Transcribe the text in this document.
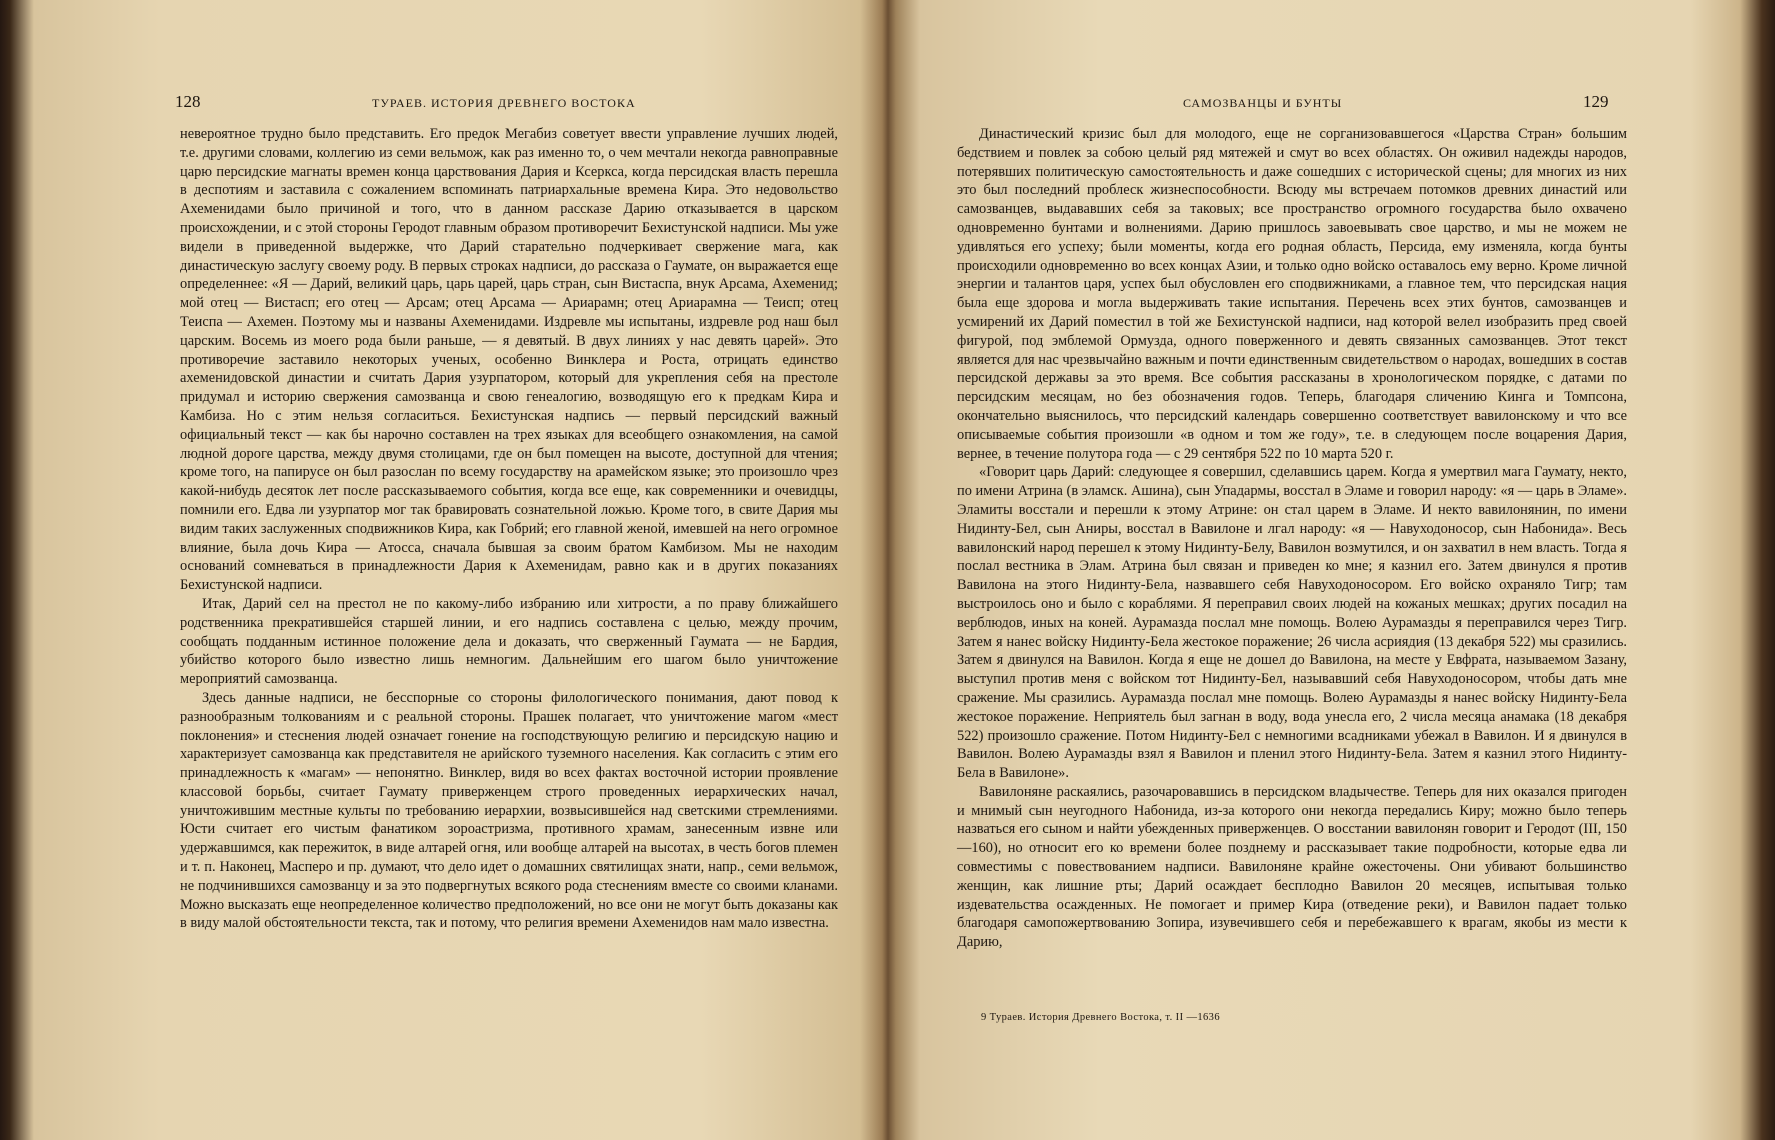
128	ТУРАЕВ. ИСТОРИЯ ДРЕВНЕГО ВОСТОКА

невероятное трудно было представить. Его предок Мегабиз советует ввести управление лучших людей, т.е. другими словами, коллегию из семи вельмож, как раз именно то, о чем мечтали некогда равноправные царю персидские магнаты времен конца царствования Дария и Ксеркса, когда персидская власть перешла в деспотиям и заставила с сожалением вспоминать патриархальные времена Кира. Это недовольство Ахеменидами было причиной и того, что в данном рассказе Дарию отказывается в царском происхождении, и с этой стороны Геродот главным образом противоречит Бехистунской надписи. Мы уже видели в приведенной выдержке, что Дарий старательно подчеркивает свержение мага, как династическую заслугу своему роду. В первых строках надписи, до рассказа о Гаумате, он выражается еще определеннее: «Я — Дарий, великий царь, царь царей, царь стран, сын Вистаспа, внук Арсама, Ахеменид; мой отец — Вистасп; его отец — Арсам; отец Арсама — Ариарамн; отец Ариарамна — Теисп; отец Теиспа — Ахемен. Поэтому мы и названы Ахеменидами. Издревле мы испытаны, издревле род наш был царским. Восемь из моего рода были раньше, — я девятый. В двух линиях у нас девять царей». Это противоречие заставило некоторых ученых, особенно Винклера и Роста, отрицать единство ахеменидовской династии и считать Дария узурпатором, который для укрепления себя на престоле придумал и историю свержения самозванца и свою генеалогию, возводящую его к предкам Кира и Камбиза. Но с этим нельзя согласиться. Бехистунская надпись — первый персидский важный официальный текст — как бы нарочно составлен на трех языках для всеобщего ознакомления, на самой людной дороге царства, между двумя столицами, где он был помещен на высоте, доступной для чтения; кроме того, на папирусе он был разослан по всему государству на арамейском языке; это произошло чрез какой-нибудь десяток лет после рассказываемого события, когда все еще, как современники и очевидцы, помнили его. Едва ли узурпатор мог так бравировать сознательной ложью. Кроме того, в свите Дария мы видим таких заслуженных сподвижников Кира, как Гобрий; его главной женой, имевшей на него огромное влияние, была дочь Кира — Атосса, сначала бывшая за своим братом Камбизом. Мы не находим оснований сомневаться в принадлежности Дария к Ахеменидам, равно как и в других показаниях Бехистунской надписи.

Итак, Дарий сел на престол не по какому-либо избранию или хитрости, а по праву ближайшего родственника прекратившейся старшей линии, и его надпись составлена с целью, между прочим, сообщать подданным истинное положение дела и доказать, что сверженный Гаумата — не Бардия, убийство которого было известно лишь немногим. Дальнейшим его шагом было уничтожение мероприятий самозванца.

Здесь данные надписи, не бесспорные со стороны филологического понимания, дают повод к разнообразным толкованиям и с реальной стороны. Прашек полагает, что уничтожение магом «мест поклонения» и стеснения людей означает гонение на господствующую религию и персидскую нацию и характеризует самозванца как представителя не арийского туземного населения. Как согласить с этим его принадлежность к «магам» — непонятно. Винклер, видя во всех фактах восточной истории проявление классовой борьбы, считает Гаумату приверженцем строго проведенных иерархических начал, уничтожившим местные культы по требованию иерархии, возвысившейся над светскими стремлениями. Юсти считает его чистым фанатиком зороастризма, противного храмам, занесенным извне или удержавшимся, как пережиток, в виде алтарей огня, или вообще алтарей на высотах, в честь богов племен и т. п. Наконец, Масперо и пр. думают, что дело идет о домашних святилищах знати, напр., семи вельмож, не подчинившихся самозванцу и за это подвергнутых всякого рода стеснениям вместе со своими кланами. Можно высказать еще неопределенное количество предположений, но все они не могут быть доказаны как в виду малой обстоятельности текста, так и потому, что религия времени Ахеменидов нам мало известна.

САМОЗВАНЦЫ И БУНТЫ	129

Династический кризис был для молодого, еще не сорганизовавшегося «Царства Стран» большим бедствием и повлек за собою целый ряд мятежей и смут во всех областях. Он оживил надежды народов, потерявших политическую самостоятельность и даже сошедших с исторической сцены; для многих из них это был последний проблеск жизнеспособности. Всюду мы встречаем потомков древних династий или самозванцев, выдававших себя за таковых; все пространство огромного государства было охвачено одновременно бунтами и волнениями. Дарию пришлось завоевывать свое царство, и мы не можем не удивляться его успеху; были моменты, когда его родная область, Персида, ему изменяла, когда бунты происходили одновременно во всех концах Азии, и только одно войско оставалось ему верно. Кроме личной энергии и талантов царя, успех был обусловлен его сподвижниками, а главное тем, что персидская нация была еще здорова и могла выдерживать такие испытания. Перечень всех этих бунтов, самозванцев и усмирений их Дарий поместил в той же Бехистунской надписи, над которой велел изобразить пред своей фигурой, под эмблемой Ормузда, одного поверженного и девять связанных самозванцев. Этот текст является для нас чрезвычайно важным и почти единственным свидетельством о народах, вошедших в состав персидской державы за это время. Все события рассказаны в хронологическом порядке, с датами по персидским месяцам, но без обозначения годов. Теперь, благодаря сличению Кинга и Томпсона, окончательно выяснилось, что персидский календарь совершенно соответствует вавилонскому и что все описываемые события произошли «в одном и том же году», т.е. в следующем после воцарения Дария, вернее, в течение полутора года — с 29 сентября 522 по 10 марта 520 г.

«Говорит царь Дарий: следующее я совершил, сделавшись царем. Когда я умертвил мага Гаумату, некто, по имени Атрина (в эламск. Ашина), сын Упадармы, восстал в Эламе и говорил народу: «я — царь в Эламе». Эламиты восстали и перешли к этому Атрине: он стал царем в Эламе. И некто вавилонянин, по имени Нидинту-Бел, сын Аниры, восстал в Вавилоне и лгал народу: «я — Навуходоносор, сын Набонида». Весь вавилонский народ перешел к этому Нидинту-Белу, Вавилон возмутился, и он захватил в нем власть. Тогда я послал вестника в Элам. Атрина был связан и приведен ко мне; я казнил его. Затем двинулся я против Вавилона на этого Нидинту-Бела, назвавшего себя Навуходоносором. Его войско охраняло Тигр; там выстроилось оно и было с кораблями. Я переправил своих людей на кожаных мешках; других посадил на верблюдов, иных на коней. Аурамазда послал мне помощь. Волею Аурамазды я переправился через Тигр. Затем я нанес войску Нидинту-Бела жестокое поражение; 26 числа асриядия (13 декабря 522) мы сразились. Затем я двинулся на Вавилон. Когда я еще не дошел до Вавилона, на месте у Евфрата, называемом Зазану, выступил против меня с войском тот Нидинту-Бел, называвший себя Навуходоносором, чтобы дать мне сражение. Мы сразились. Аурамазда послал мне помощь. Волею Аурамазды я нанес войску Нидинту-Бела жестокое поражение. Неприятель был загнан в воду, вода унесла его, 2 числа месяца анамака (18 декабря 522) произошло сражение. Потом Нидинту-Бел с немногими всадниками убежал в Вавилон. И я двинулся в Вавилон. Волею Аурамазды взял я Вавилон и пленил этого Нидинту-Бела. Затем я казнил этого Нидинту-Бела в Вавилоне».

Вавилоняне раскаялись, разочаровавшись в персидском владычестве. Теперь для них оказался пригоден и мнимый сын неугодного Набонида, из-за которого они некогда передались Киру; можно было теперь назваться его сыном и найти убежденных приверженцев. О восстании вавилонян говорит и Геродот (III, 150—160), но относит его ко времени более позднему и рассказывает такие подробности, которые едва ли совместимы с повествованием надписи. Вавилоняне крайне ожесточены. Они убивают большинство женщин, как лишние рты; Дарий осаждает бесплодно Вавилон 20 месяцев, испытывая только издевательства осажденных. Не помогает и пример Кира (отведение реки), и Вавилон падает только благодаря самопожертвованию Зопира, изувечившего себя и перебежавшего к врагам, якобы из мести к Дарию,

9 Тураев. История Древнего Востока, т. II —1636
